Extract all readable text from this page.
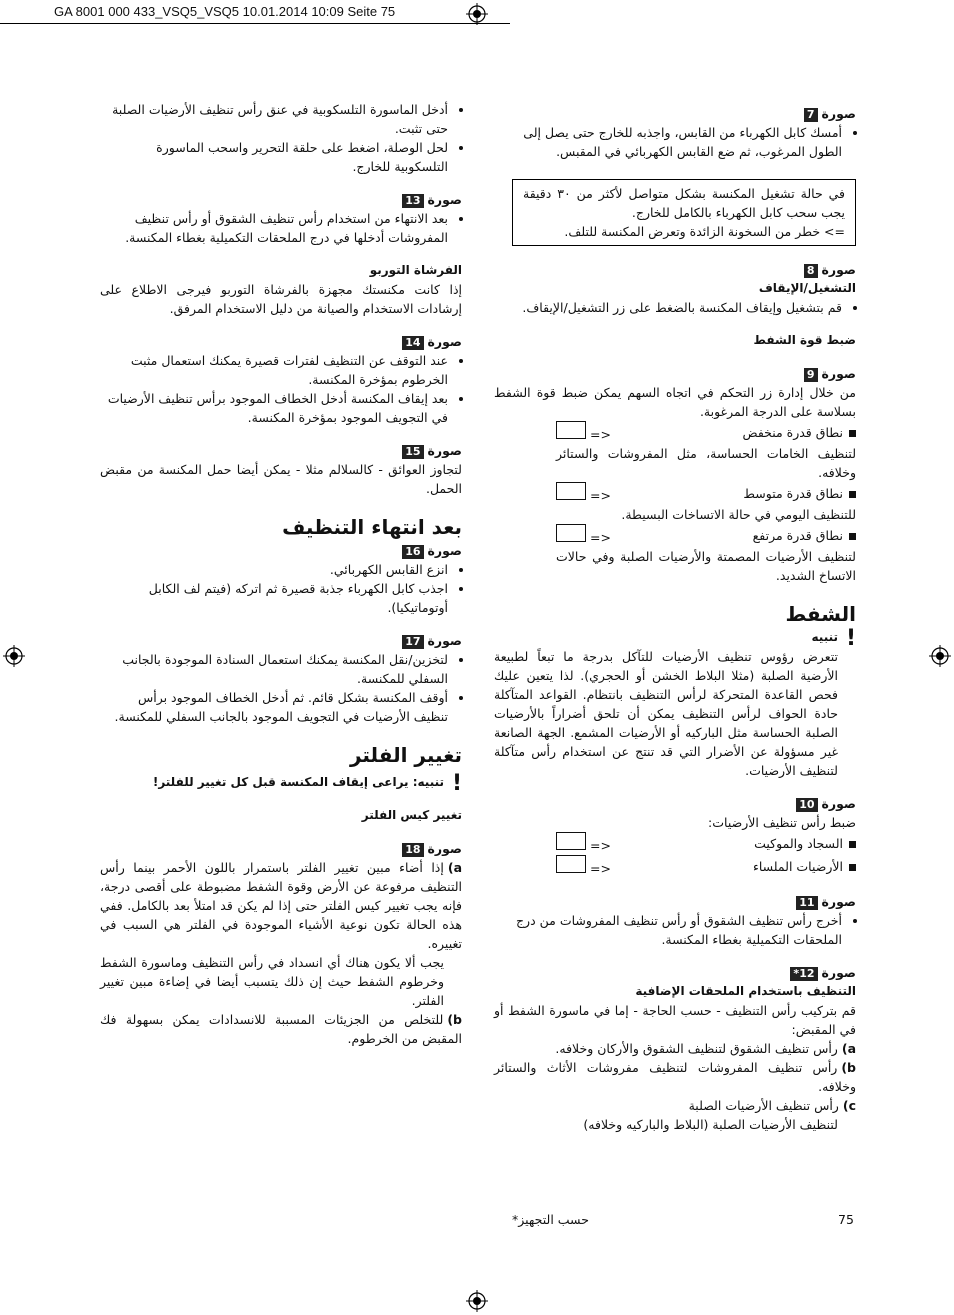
GA 8001 000 433_VSQ5_VSQ5 10.01.2014 10:09 Seite 75
صورة7
• أمسك كابل الكهرباء من القابس، واجذبه للخارج حتى يصل إلى الطول المرغوب، ثم ضع القابس الكهربائي في المقبس.

في حالة تشغيل المكنسة بشكل متواصل لأكثر من ٣٠ دقيقة يجب سحب كابل الكهرباء بالكامل للخارج.

=> خطر من السخونة الزائدة وتعرض المكنسة للتلف.

صورة8
التشغيل/الإيقاف
• قم بتشغيل وإيقاف المكنسة بالضغط على زر التشغيل/الإيقاف.
ضبط قوة الشفط
صورة9

من خلال إدارة زر التحكم في اتجاه السهم يمكن ضبط قوة الشفط بسلاسة على الدرجة المرغوبة.

نطاق قدرة منخفض
<=

لتنظيف الخامات الحساسة، مثل المفروشات والستائر وخلافه.

نطاق قدرة متوسط
<=

للتنظيف اليومي في حالة الاتساخات البسيطة.

نطاق قدرة مرتفع
<=

لتنظيف الأرضيات المصمتة والأرضيات الصلبة وفي حالات الاتساخ الشديد.

الشفط
!
تنبيه

تتعرض رؤوس تنظيف الأرضيات للتآكل بدرجة ما تبعاً لطبيعة الأرضية الصلبة (مثلا البلاط الخشن أو الحجري). لذا يتعين عليك فحص القاعدة المتحركة لرأس التنظيف بانتظام. القواعد المتآكلة حادة الحواف لرأس التنظيف يمكن أن تلحق أضراراً بالأرضيات الصلبة الحساسة مثل الباركيه أو الأرضيات المشمع. الجهة الصانعة غير مسؤولة عن الأضرار التي قد تنتج عن استخدام رأس متآكلة لتنظيف الأرضيات.

صورة10

ضبط رأس تنظيف الأرضيات:

السجاد والموكيت
<=
الأرضيات الملساء
<=
صورة11
• أخرج رأس تنظيف الشقوق أو رأس تنظيف المفروشات من درج الملحقات التكميلية بغطاء المكنسة.
صورة12*
التنظيف باستخدام الملحقات الإضافية

قم بتركيب رأس التنظيف - حسب الحاجة - إما في ماسورة الشفط أو في المقبض:

a)رأس تنظيف الشقوق لتنظيف الشقوق والأركان وخلافه.

b)رأس تنظيف المفروشات لتنظيف مفروشات الأثاث والستائر وخلافه.

c)رأس تنظيف الأرضيات الصلبة

لتنظيف الأرضيات الصلبة (البلاط والباركيه وخلافه)

• أدخل الماسورة التلسكوبية في عنق رأس تنظيف الأرضيات الصلبة حتى تثبت.
• لحل الوصلة، اضغط على حلقة التحرير واسحب الماسورة التلسكوبية للخارج.
صورة13
• بعد الانتهاء من استخدام رأس تنظيف الشقوق أو رأس تنظيف المفروشات أدخلها في درج الملحقات التكميلية بغطاء المكنسة.
الفرشاة التوربو

إذا كانت مكنستك مجهزة بالفرشاة التوربو فيرجى الاطلاع على إرشادات الاستخدام والصيانة من دليل الاستخدام المرفق.

صورة14
• عند التوقف عن التنظيف لفترات قصيرة يمكنك استعمال مثبت الخرطوم بمؤخرة المكنسة.
• بعد إيقاف المكنسة أدخل الخطاف الموجود برأس تنظيف الأرضيات في التجويف الموجود بمؤخرة المكنسة.
صورة15

لتجاوز العوائق - كالسلالم مثلا - يمكن أيضا حمل المكنسة من مقبض الحمل.

بعد انتهاء التنظيف
صورة16
• انزع القابس الكهربائي.
• اجذب كابل الكهرباء جذبة قصيرة ثم اتركه (فيتم لف الكابل أوتوماتيكيا).
صورة17
• لتخزين/نقل المكنسة يمكنك استعمال السنادة الموجودة بالجانب السفلي للمكنسة.
• أوقف المكنسة بشكل قائم. ثم أدخل الخطاف الموجود برأس تنظيف الأرضيات في التجويف الموجود بالجانب السفلي للمكنسة.
تغيير الفلتر
!
تنبيه: يراعى إيقاف المكنسة قبل كل تغيير للفلتر!
تغيير كيس الفلتر
صورة18

a)إذا أضاء مبين تغيير الفلتر باستمرار باللون الأحمر بينما رأس التنظيف مرفوعة عن الأرض وقوة الشفط مضبوطة على أقصى درجة، فإنه يجب تغيير كيس الفلتر حتى إذا لم يكن قد امتلأ بعد بالكامل. ففي هذه الحالة تكون نوعية الأشياء الموجودة في الفلتر هي السبب في تغييره.

يجب ألا يكون هناك أي انسداد في رأس التنظيف وماسورة الشفط وخرطوم الشفط حيث إن ذلك يتسبب أيضا في إضاءة مبين تغيير الفلتر.

b)للتخلص من الجزيئات المسببة للانسدادات يمكن بسهولة فك المقبض من الخرطوم.

*حسب التجهيز	75
